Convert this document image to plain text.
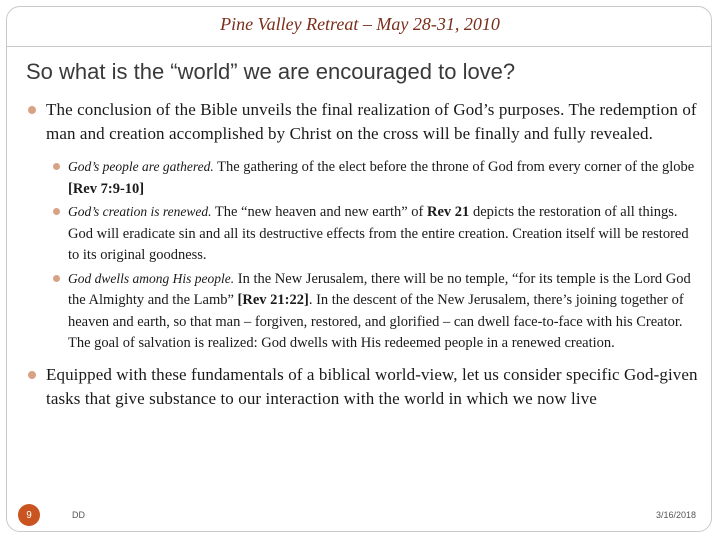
Pine Valley Retreat – May 28-31, 2010
So what is the “world” we are encouraged to love?
The conclusion of the Bible unveils the final realization of God’s purposes. The redemption of man and creation accomplished by Christ on the cross will be finally and fully revealed.
God’s people are gathered. The gathering of the elect before the throne of God from every corner of the globe [Rev 7:9-10]
God’s creation is renewed. The “new heaven and new earth” of Rev 21 depicts the restoration of all things. God will eradicate sin and all its destructive effects from the entire creation. Creation itself will be restored to its original goodness.
God dwells among His people. In the New Jerusalem, there will be no temple, “for its temple is the Lord God the Almighty and the Lamb” [Rev 21:22]. In the descent of the New Jerusalem, there’s joining together of heaven and earth, so that man – forgiven, restored, and glorified – can dwell face-to-face with his Creator. The goal of salvation is realized: God dwells with His redeemed people in a renewed creation.
Equipped with these fundamentals of a biblical world-view, let us consider specific God-given tasks that give substance to our interaction with the world in which we now live
9	DD	3/16/2018
